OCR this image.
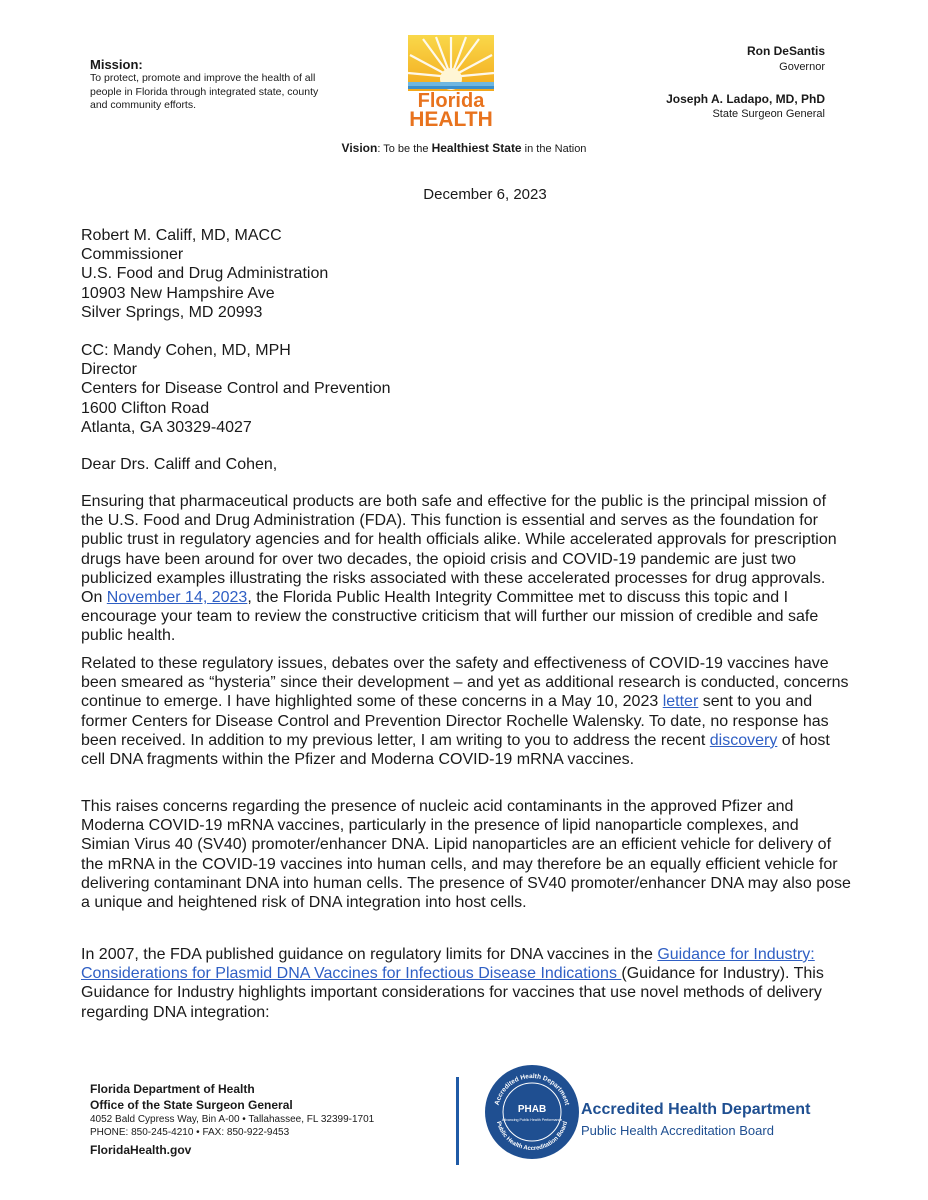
Mission:
To protect, promote and improve the health of all people in Florida through integrated state, county and community efforts.	Florida
HEALTH
Ron DeSantis
Governor
Joseph A. Ladapo, MD, PhD
State Surgeon General
Vision: To be the Healthiest State in the Nation
December 6, 2023
Robert M. Califf, MD, MACC
Commissioner
U.S. Food and Drug Administration
10903 New Hampshire Ave
Silver Springs, MD 20993
CC: Mandy Cohen, MD, MPH
Director
Centers for Disease Control and Prevention
1600 Clifton Road
Atlanta, GA 30329-4027
Dear Drs. Califf and Cohen,
Ensuring that pharmaceutical products are both safe and effective for the public is the principal mission of the U.S. Food and Drug Administration (FDA). This function is essential and serves as the foundation for public trust in regulatory agencies and for health officials alike. While accelerated approvals for prescription drugs have been around for over two decades, the opioid crisis and COVID-19 pandemic are just two publicized examples illustrating the risks associated with these accelerated processes for drug approvals. On November 14, 2023, the Florida Public Health Integrity Committee met to discuss this topic and I encourage your team to review the constructive criticism that will further our mission of credible and safe public health.
Related to these regulatory issues, debates over the safety and effectiveness of COVID-19 vaccines have been smeared as “hysteria” since their development – and yet as additional research is conducted, concerns continue to emerge. I have highlighted some of these concerns in a May 10, 2023 letter sent to you and former Centers for Disease Control and Prevention Director Rochelle Walensky. To date, no response has been received. In addition to my previous letter, I am writing to you to address the recent discovery of host cell DNA fragments within the Pfizer and Moderna COVID-19 mRNA vaccines.
This raises concerns regarding the presence of nucleic acid contaminants in the approved Pfizer and Moderna COVID-19 mRNA vaccines, particularly in the presence of lipid nanoparticle complexes, and Simian Virus 40 (SV40) promoter/enhancer DNA. Lipid nanoparticles are an efficient vehicle for delivery of the mRNA in the COVID-19 vaccines into human cells, and may therefore be an equally efficient vehicle for delivering contaminant DNA into human cells. The presence of SV40 promoter/enhancer DNA may also pose a unique and heightened risk of DNA integration into host cells.
In 2007, the FDA published guidance on regulatory limits for DNA vaccines in the Guidance for Industry: Considerations for Plasmid DNA Vaccines for Infectious Disease Indications (Guidance for Industry). This Guidance for Industry highlights important considerations for vaccines that use novel methods of delivery regarding DNA integration:
Florida Department of Health
Office of the State Surgeon General
4052 Bald Cypress Way, Bin A-00 • Tallahassee, FL 32399-1701
PHONE: 850-245-4210 • FAX: 850-922-9453
FloridaHealth.gov
Accredited Health Department
Public Health Accreditation Board
PHAB
Advancing Public Health Performance
Accredited Health Department
Public Health Accreditation Board
